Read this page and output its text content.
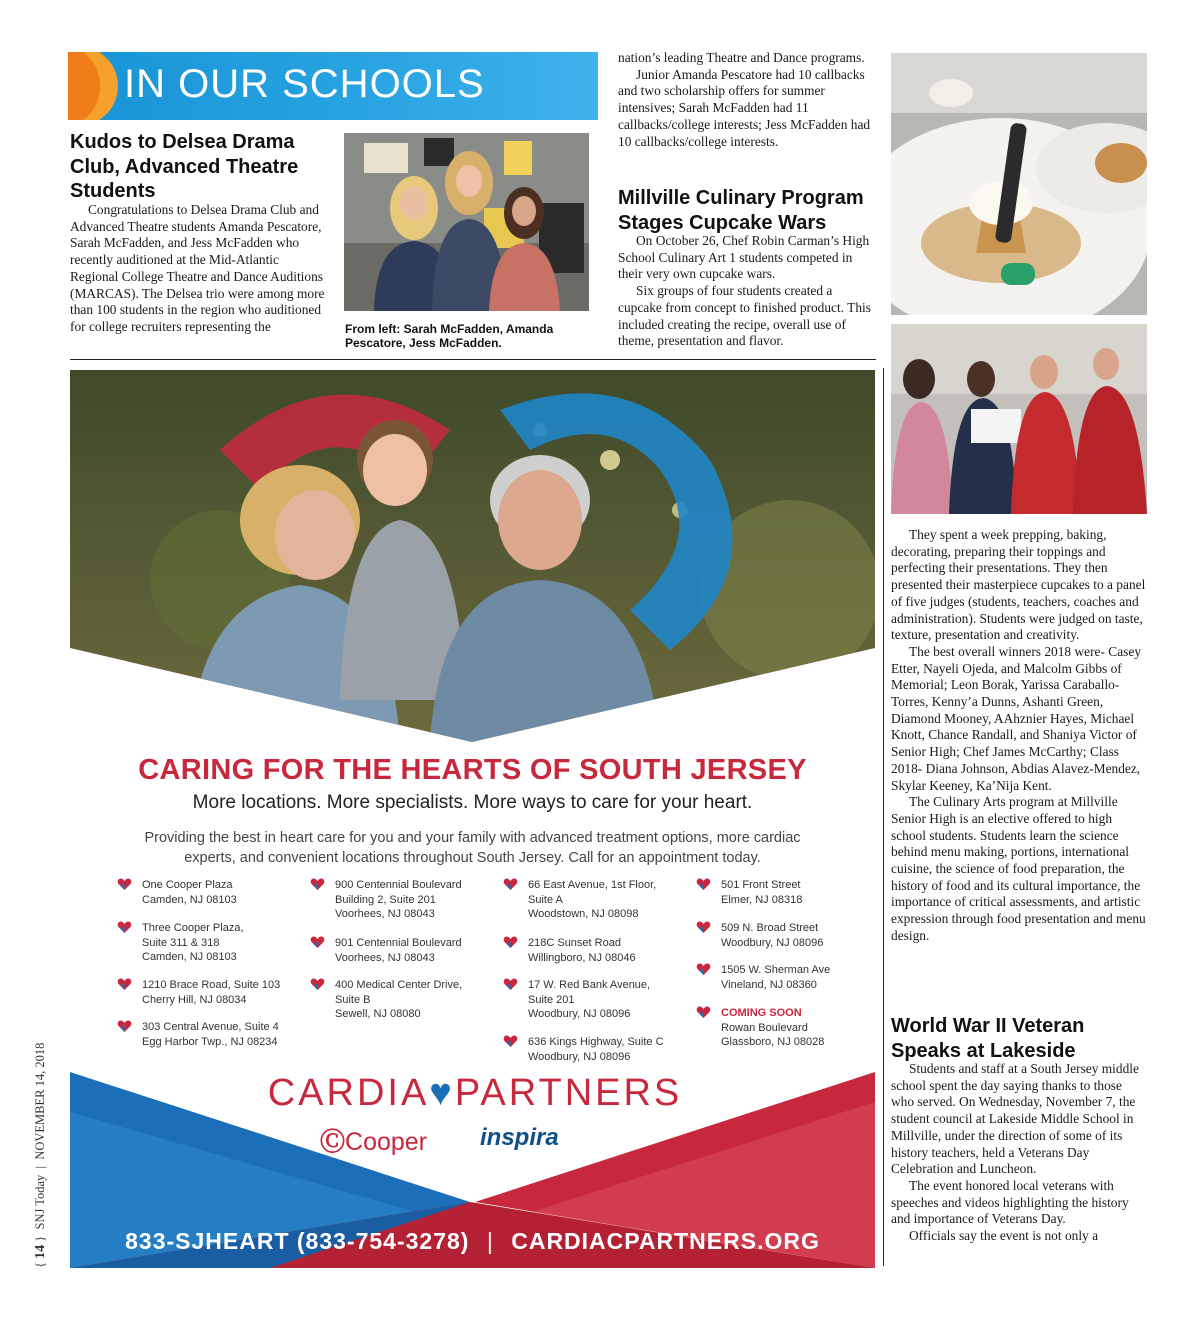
IN OUR SCHOOLS
Kudos to Delsea Drama
Club, Advanced Theatre
Students

Congratulations to Delsea Drama Club and Advanced Theatre students Amanda Pescatore, Sarah McFadden, and Jess McFadden who recently auditioned at the Mid-Atlantic Regional College Theatre and Dance Auditions (MARCAS). The Delsea trio were among more than 100 students in the region who auditioned for college recruiters representing the	From left: Sarah McFadden, Amanda Pescatore, Jess McFadden.

nation’s leading Theatre and Dance programs.

Junior Amanda Pescatore had 10 callbacks and two scholarship offers for summer intensives; Sarah McFadden had 11 callbacks/college interests; Jess McFadden had 10 callbacks/college interests.

Millville Culinary Program
Stages Cupcake Wars

On October 26, Chef Robin Carman’s High School Culinary Art 1 students competed in their very own cupcake wars.

Six groups of four students created a cupcake from concept to finished product. This included creating the recipe, overall use of theme, presentation and flavor.

They spent a week prepping, baking, decorating, preparing their toppings and perfecting their presentations. They then presented their masterpiece cupcakes to a panel of five judges (students, teachers, coaches and administration). Students were judged on taste, texture, presentation and creativity.

The best overall winners 2018 were- Casey Etter, Nayeli Ojeda, and Malcolm Gibbs of Memorial; Leon Borak, Yarissa Caraballo-Torres, Kenny’a Dunns, Ashanti Green, Diamond Mooney, AAhznier Hayes, Michael Knott, Chance Randall, and Shaniya Victor of Senior High; Chef James McCarthy; Class 2018- Diana Johnson, Abdias Alavez-Mendez, Skylar Keeney, Ka’Nija Kent.

The Culinary Arts program at Millville Senior High is an elective offered to high school students. Students learn the science behind menu making, portions, international cuisine, the science of food preparation, the history of food and its cultural importance, the importance of critical assessments, and artistic expression through food presentation and menu design.

World War II Veteran
Speaks at Lakeside

Students and staff at a South Jersey middle school spent the day saying thanks to those who served. On Wednesday, November 7, the student council at Lakeside Middle School in Millville, under the direction of some of its history teachers, held a Veterans Day Celebration and Luncheon.

The event honored local veterans with speeches and videos highlighting the history and importance of Veterans Day.

Officials say the event is not only a

CARING FOR THE HEARTS OF SOUTH JERSEY
More locations. More specialists. More ways to care for your heart.
Providing the best in heart care for you and your family with advanced treatment options, more cardiac experts, and convenient locations throughout South Jersey. Call for an appointment today.
One Cooper Plaza
Camden, NJ 08103
Three Cooper Plaza,
Suite 311 & 318
Camden, NJ 08103
1210 Brace Road, Suite 103
Cherry Hill, NJ 08034
303 Central Avenue, Suite 4
Egg Harbor Twp., NJ 08234
900 Centennial Boulevard
Building 2, Suite 201
Voorhees, NJ 08043
901 Centennial Boulevard
Voorhees, NJ 08043
400 Medical Center Drive,
Suite B
Sewell, NJ 08080
66 East Avenue, 1st Floor,
Suite A
Woodstown, NJ 08098
218C Sunset Road
Willingboro, NJ 08046
17 W. Red Bank Avenue,
Suite 201
Woodbury, NJ 08096
636 Kings Highway, Suite C
Woodbury, NJ 08096
501 Front Street
Elmer, NJ 08318
509 N. Broad Street
Woodbury, NJ 08096
1505 W. Sherman Ave
Vineland, NJ 08360
COMING SOON
Rowan Boulevard
Glassboro, NJ 08028
CARDIA♥PARTNERS
ⒸCooper inspira
833-SJHEART (833-754-3278) | CARDIACPARTNERS.ORG
{ 14 }  SNJ Today  |  NOVEMBER 14, 2018
